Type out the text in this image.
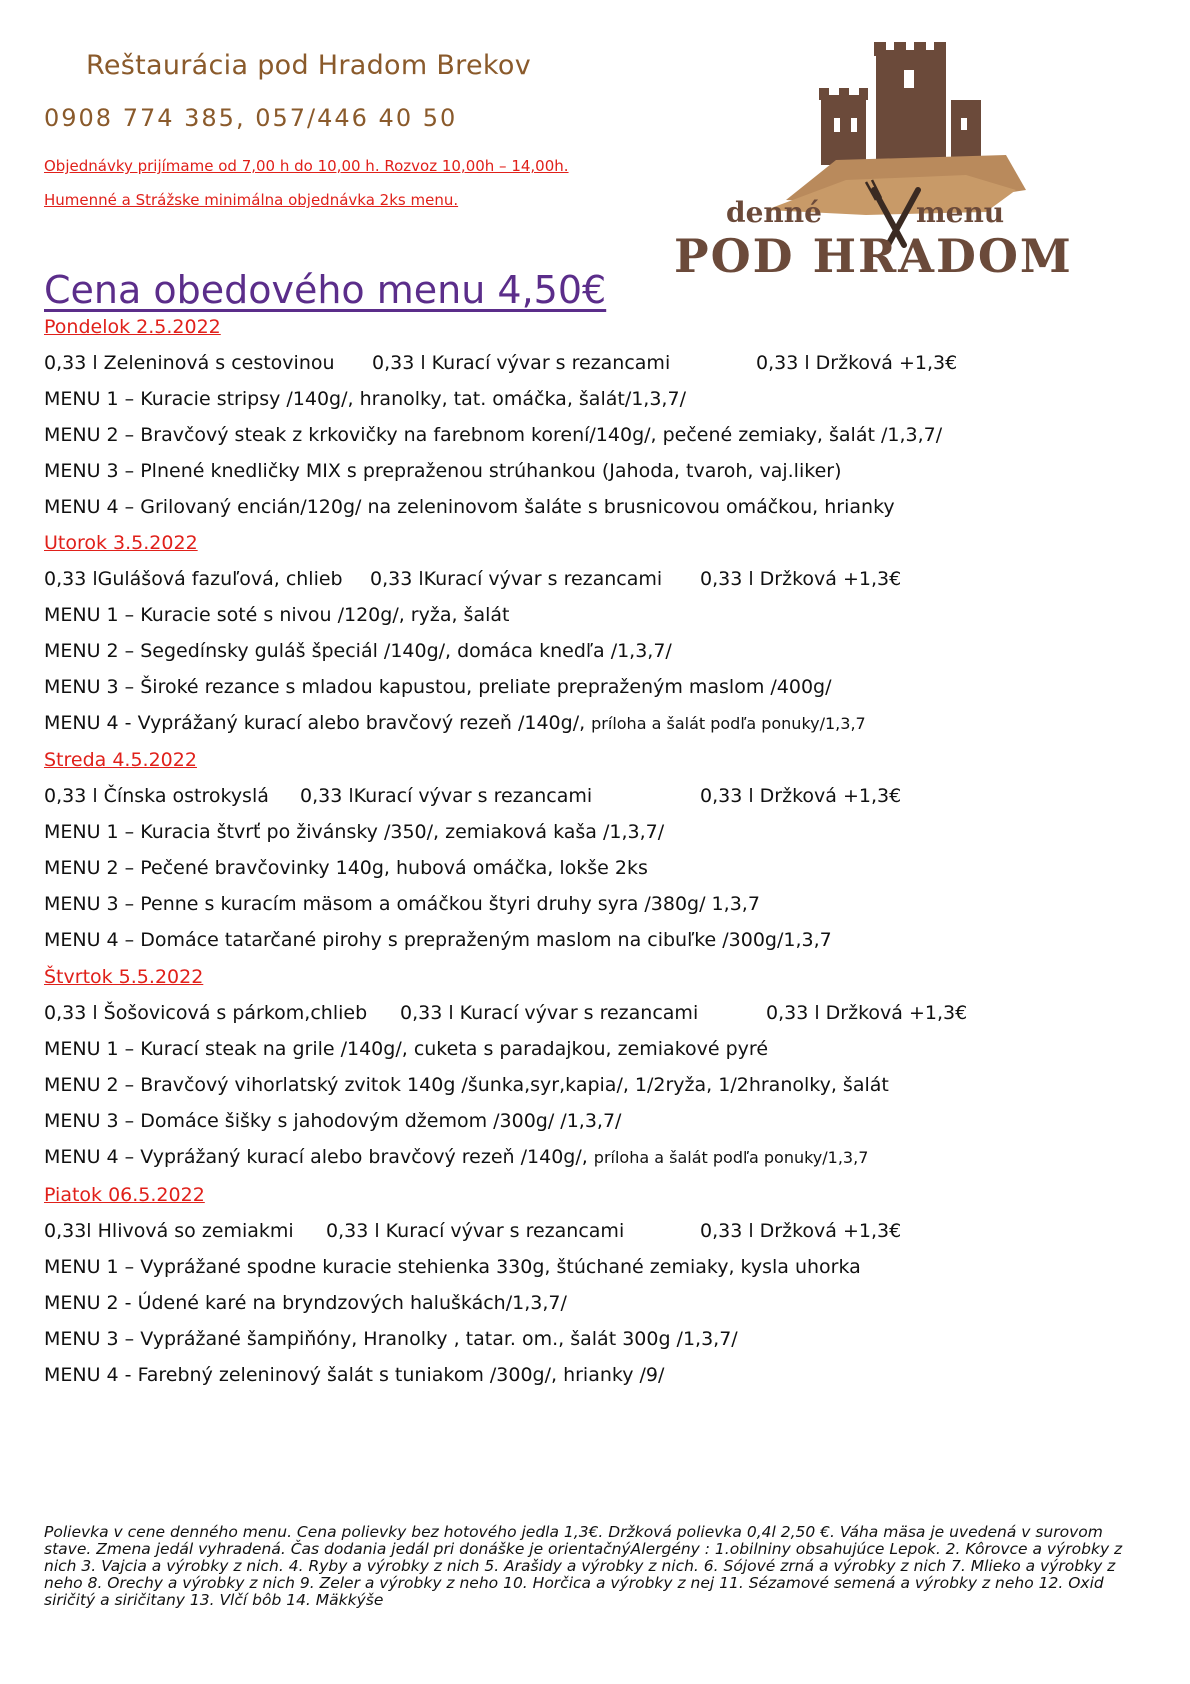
Reštaurácia pod Hradom Brekov
0908 774 385, 057/446 40 50
Objednávky prijímame od 7,00 h do 10,00 h. Rozvoz 10,00h – 14,00h.
Humenné a Strážske minimálna objednávka 2ks menu.
Cena obedového menu 4,50€
denné	menu
POD HRADOM
Pondelok 2.5.2022
0,33 l Zeleninová s cestovinou 0,33 l Kurací vývar s rezancami	0,33 l Držková +1,3€
MENU 1 – Kuracie stripsy /140g/, hranolky, tat. omáčka, šalát/1,3,7/
MENU 2 – Bravčový steak z krkovičky na farebnom korení/140g/, pečené zemiaky, šalát /1,3,7/
MENU 3 – Plnené knedličky MIX s prepraženou strúhankou (Jahoda, tvaroh, vaj.liker)
MENU 4 – Grilovaný encián/120g/ na zeleninovom šaláte s brusnicovou omáčkou, hrianky
Utorok 3.5.2022
0,33 lGulášová fazuľová, chlieb 0,33 lKurací vývar s rezancami 0,33 l Držková +1,3€
MENU 1 – Kuracie soté s nivou /120g/, ryža, šalát
MENU 2 – Segedínsky guláš špeciál /140g/, domáca knedľa /1,3,7/
MENU 3 – Široké rezance s mladou kapustou, preliate prepraženým maslom /400g/
MENU 4 - Vyprážaný kurací alebo bravčový rezeň /140g/, príloha a šalát podľa ponuky/1,3,7
Streda 4.5.2022
0,33 l Čínska ostrokyslá 0,33 lKurací vývar s rezancami	0,33 l Držková +1,3€
MENU 1 – Kuracia štvrť po živánsky /350/, zemiaková kaša /1,3,7/
MENU 2 – Pečené bravčovinky 140g, hubová omáčka, lokše 2ks
MENU 3 – Penne s kuracím mäsom a omáčkou štyri druhy syra /380g/ 1,3,7
MENU 4 – Domáce tatarčané pirohy s prepraženým maslom na cibuľke /300g/1,3,7
Štvrtok 5.5.2022
0,33 l Šošovicová s párkom,chlieb 0,33 l Kurací vývar s rezancami	0,33 l Držková +1,3€
MENU 1 – Kurací steak na grile /140g/, cuketa s paradajkou, zemiakové pyré
MENU 2 – Bravčový vihorlatský zvitok 140g /šunka,syr,kapia/, 1/2ryža, 1/2hranolky, šalát
MENU 3 – Domáce šišky s jahodovým džemom /300g/ /1,3,7/
MENU 4 – Vyprážaný kurací alebo bravčový rezeň /140g/, príloha a šalát podľa ponuky/1,3,7
Piatok 06.5.2022
0,33l Hlivová so zemiakmi 0,33 l Kurací vývar s rezancami	0,33 l Držková +1,3€
MENU 1 – Vyprážané spodne kuracie stehienka 330g, štúchané zemiaky, kysla uhorka
MENU 2 - Údené karé na bryndzových haluškách/1,3,7/
MENU 3 – Vyprážané šampiňóny, Hranolky , tatar. om., šalát 300g /1,3,7/
MENU 4 - Farebný zeleninový šalát s tuniakom /300g/, hrianky /9/
Polievka v cene denného menu. Cena polievky bez hotového jedla 1,3€. Držková polievka 0,4l 2,50 €. Váha mäsa je uvedená v surovom stave. Zmena jedál vyhradená. Čas dodania jedál pri donáške je orientačnýAlergény : 1.obilniny obsahujúce Lepok. 2. Kôrovce a výrobky z nich 3. Vajcia a výrobky z nich. 4. Ryby a výrobky z nich 5. Arašidy a výrobky z nich. 6. Sójové zrná a výrobky z nich 7. Mlieko a výrobky z neho 8. Orechy a výrobky z nich 9. Zeler a výrobky z neho 10. Horčica a výrobky z nej 11. Sézamové semená a výrobky z neho 12. Oxid siričitý a siričitany 13. Vlčí bôb 14. Mäkkýše
